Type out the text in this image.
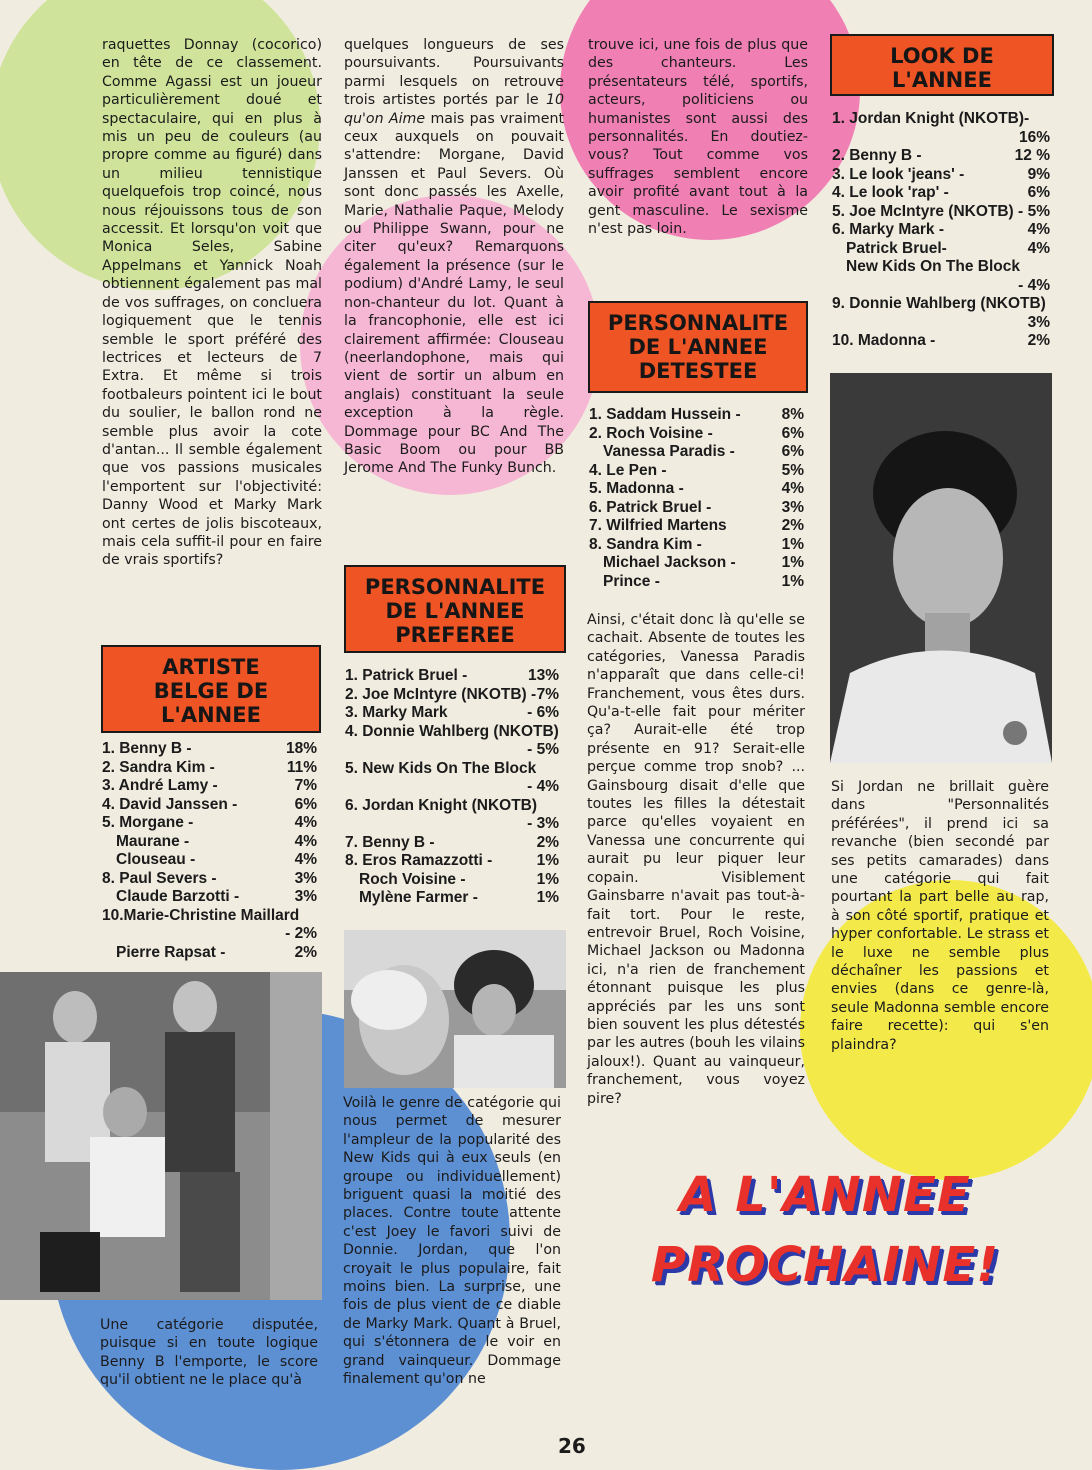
raquettes Donnay (cocorico) en tête de ce classement. Comme Agassi est un joueur particulièrement doué et spectaculaire, qui en plus à mis un peu de couleurs (au propre comme au figuré) dans un milieu tennistique quelquefois trop coincé, nous nous réjouissons tous de son accessit. Et lorsqu'on voit que Monica Seles, Sabine Appelmans et Yannick Noah obtiennent également pas mal de vos suffrages, on concluera logiquement que le tennis semble le sport préféré des lectrices et lecteurs de 7 Extra. Et même si trois footbaleurs pointent ici le bout du soulier, le ballon rond ne semble plus avoir la cote d'antan... Il semble également que vos passions musicales l'emportent sur l'objectivité: Danny Wood et Marky Mark ont certes de jolis biscoteaux, mais cela suffit-il pour en faire de vrais sportifs?

quelques longueurs de ses poursuivants. Poursuivants parmi lesquels on retrouve trois artistes portés par le 10 qu'on Aime mais pas vraiment ceux auxquels on pouvait s'attendre: Morgane, David Janssen et Paul Severs. Où sont donc passés les Axelle, Marie, Nathalie Paque, Melody ou Philippe Swann, pour ne citer qu'eux? Remarquons également la présence (sur le podium) d'André Lamy, le seul non-chanteur du lot. Quant à la francophonie, elle est ici clairement affirmée: Clouseau (neerlandophone, mais qui vient de sortir un album en anglais) constituant la seule exception à la règle. Dommage pour BC And The Basic Boom ou pour BB Jerome And The Funky Bunch.

trouve ici, une fois de plus que des chanteurs. Les présentateurs télé, sportifs, acteurs, politiciens ou humanistes sont aussi des personnalités. En doutiez-vous? Tout comme vos suffrages semblent encore avoir profité avant tout à la gent masculine. Le sexisme n'est pas loin.

ARTISTE
BELGE DE
L'ANNEE
1. Benny B -	18%
2. Sandra Kim -	11%
3. André Lamy -	7%
4. David Janssen -	6%
5. Morgane -	4%
Maurane -	4%
Clouseau -	4%
8. Paul Severs -	3%
Claude Barzotti -	3%
10.Marie-Christine Maillard
- 2%
Pierre Rapsat -	2%

Une catégorie disputée, puisque si en toute logique Benny B l'emporte, le score qu'il obtient ne le place qu'à

PERSONNALITE
DE L'ANNEE
PREFEREE
1. Patrick Bruel -	13%
2. Joe McIntyre (NKOTB) - 7%
3. Marky Mark	- 6%
4. Donnie Wahlberg (NKOTB)
- 5%
5. New Kids On The Block
- 4%
6. Jordan Knight (NKOTB)
- 3%
7. Benny B -	2%
8. Eros Ramazzotti -	1%
Roch Voisine -	1%
Mylène Farmer -	1%

Voilà le genre de catégorie qui nous permet de mesurer l'ampleur de la popularité des New Kids qui à eux seuls (en groupe ou individuellement) briguent quasi la moitié des places. Contre toute attente c'est Joey le favori suivi de Donnie. Jordan, que l'on croyait le plus populaire, fait moins bien. La surprise, une fois de plus vient de ce diable de Marky Mark. Quant à Bruel, qui s'étonnera de le voir en grand vainqueur. Dommage finalement qu'on ne

PERSONNALITE
DE L'ANNEE
DETESTEE
1. Saddam Hussein -	8%
2. Roch Voisine -	6%
Vanessa Paradis -	6%
4. Le Pen -	5%
5. Madonna -	4%
6. Patrick Bruel -	3%
7. Wilfried Martens	2%
8. Sandra Kim -	1%
Michael Jackson -	1%
Prince -	1%

Ainsi, c'était donc là qu'elle se cachait. Absente de toutes les catégories, Vanessa Paradis n'apparaît que dans celle-ci! Franchement, vous êtes durs. Qu'a-t-elle fait pour mériter ça? Aurait-elle été trop présente en 91? Serait-elle perçue comme trop snob? ... Gainsbourg disait d'elle que toutes les filles la détestait parce qu'elles voyaient en Vanessa une concurrente qui aurait pu leur piquer leur copain. Visiblement Gainsbarre n'avait pas tout-à-fait tort. Pour le reste, entrevoir Bruel, Roch Voisine, Michael Jackson ou Madonna ici, n'a rien de franchement étonnant puisque les plus appréciés par les uns sont bien souvent les plus détestés par les autres (bouh les vilains jaloux!). Quant au vainqueur, franchement, vous voyez pire?

LOOK DE
L'ANNEE
1. Jordan Knight (NKOTB)-
16%
2. Benny B -	12 %
3. Le look 'jeans' -	9%
4. Le look 'rap' -	6%
5. Joe McIntyre (NKOTB) - 5%
6. Marky Mark -	4%
Patrick Bruel-	4%
New Kids On The Block
- 4%
9. Donnie Wahlberg (NKOTB)
3%
10. Madonna -	2%

Si Jordan ne brillait guère dans "Personnalités préférées", il prend ici sa revanche (bien secondé par ses petits camarades) dans une catégorie qui fait pourtant la part belle au rap, à son côté sportif, pratique et hyper confortable. Le strass et le luxe ne semble plus déchaîner les passions et envies (dans ce genre-là, seule Madonna semble encore faire recette): qui s'en plaindra?

A L'ANNEE
PROCHAINE!
26
